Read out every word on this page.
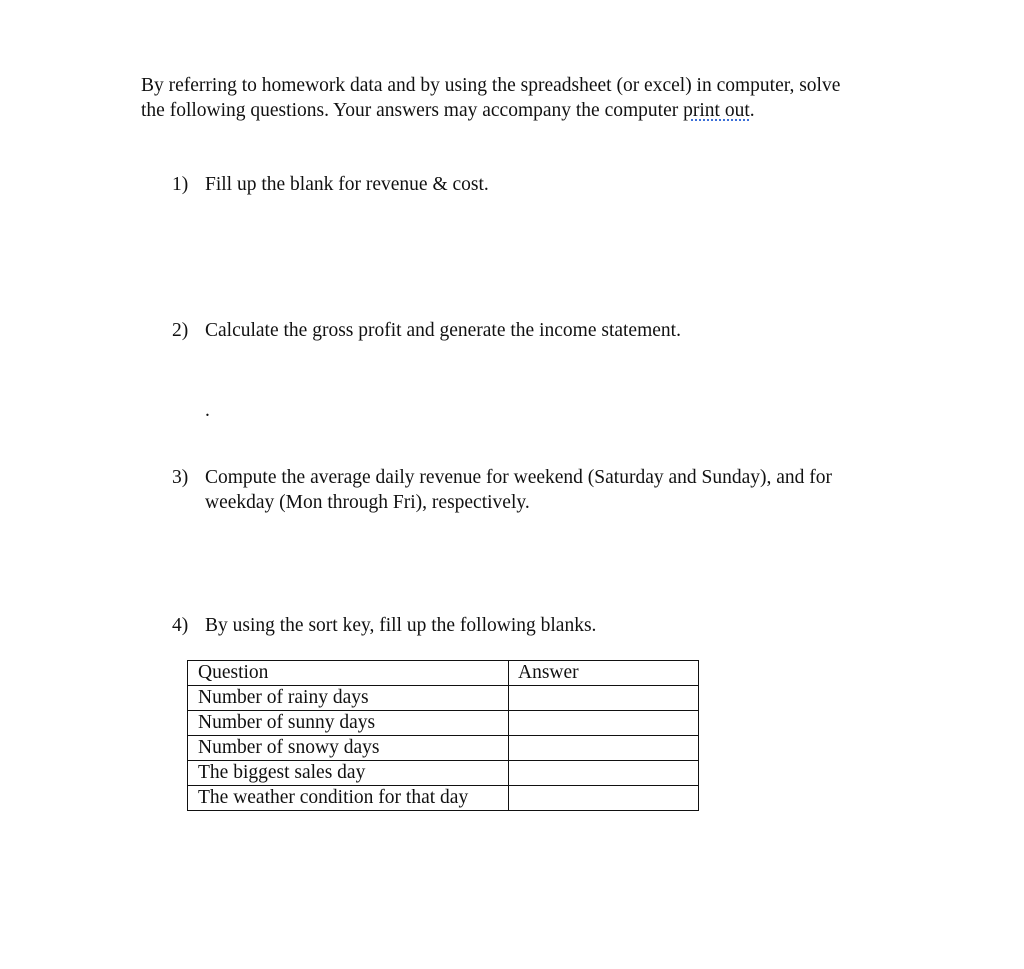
By referring to homework data and by using the spreadsheet (or excel) in computer, solve
the following questions. Your answers may accompany the computer print out.
1) Fill up the blank for revenue & cost.
2) Calculate the gross profit and generate the income statement.
.
3) Compute the average daily revenue for weekend (Saturday and Sunday), and for
weekday (Mon through Fri), respectively.
4) By using the sort key, fill up the following blanks.
Question	Answer
Number of rainy days	
Number of sunny days	
Number of snowy days	
The biggest sales day	
The weather condition for that day	
